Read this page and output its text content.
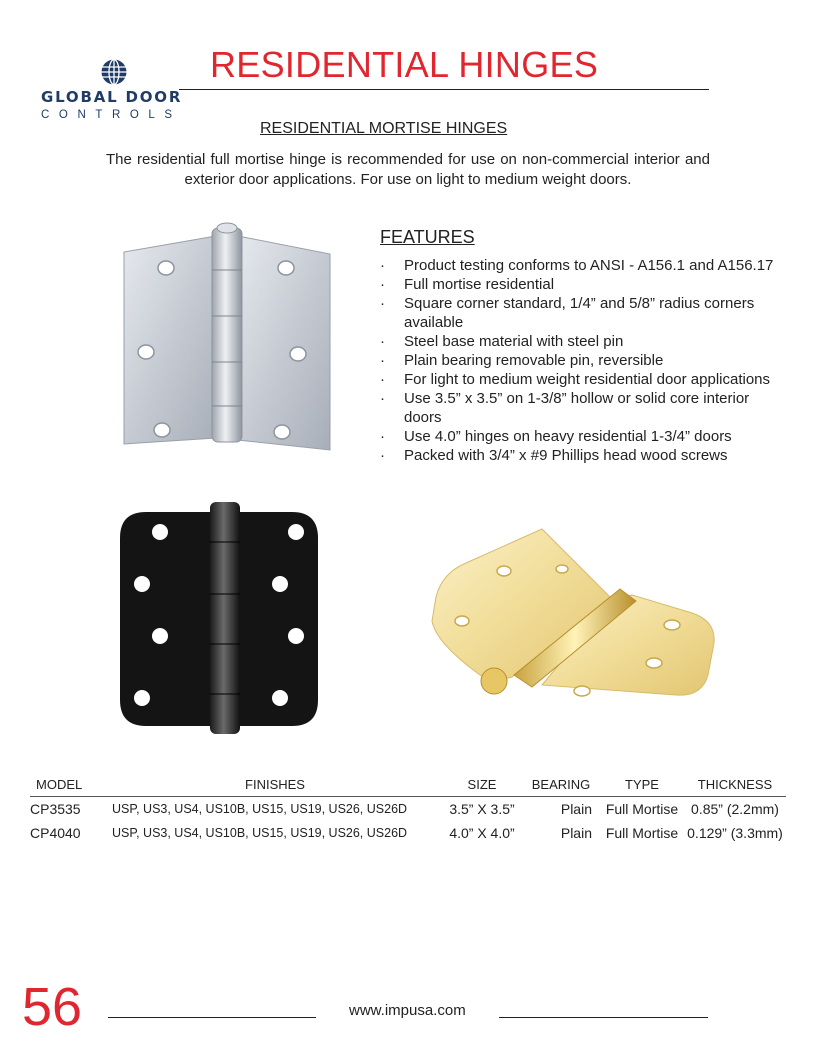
GLOBAL DOOR
CONTROLS
RESIDENTIAL HINGES
RESIDENTIAL MORTISE HINGES
The residential full mortise hinge is recommended for use on non-commercial interior and exterior door applications. For use on light to medium weight doors.
FEATURES
·	Product testing conforms to ANSI - A156.1 and A156.17
·	Full mortise residential
·	Square corner standard, 1/4” and 5/8” radius corners available
·	Steel base material with steel pin
·	Plain bearing removable pin, reversible
·	For light to medium weight residential door applications
·	Use 3.5” x 3.5” on 1-3/8” hollow or solid core interior doors
·	Use 4.0” hinges on heavy residential 1-3/4” doors
·	Packed with 3/4” x #9 Phillips head wood screws
MODEL	FINISHES	SIZE	BEARING	TYPE	THICKNESS
CP3535	USP, US3, US4, US10B, US15, US19, US26, US26D	3.5” X 3.5”	Plain	Full Mortise	0.85” (2.2mm)
CP4040	USP, US3, US4, US10B, US15, US19, US26, US26D	4.0” X 4.0”	Plain	Full Mortise	0.129” (3.3mm)
56	www.impusa.com
